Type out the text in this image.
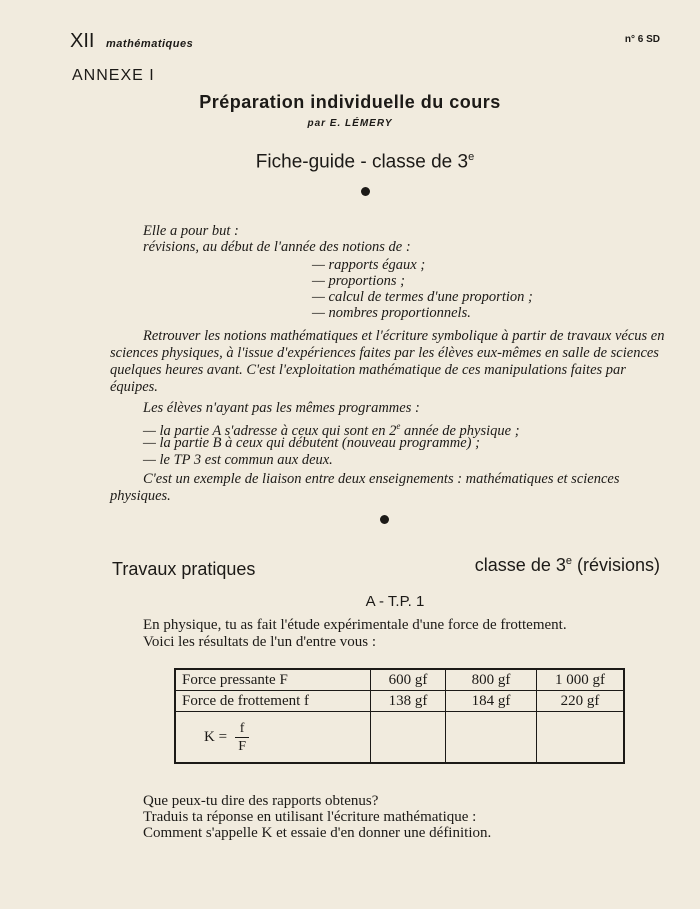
XII mathématiques	n° 6 SD
ANNEXE I
Préparation individuelle du cours
par E. LÉMERY
Fiche-guide - classe de 3e
Elle a pour but :
révisions, au début de l'année des notions de :
— rapports égaux ;
— proportions ;
— calcul de termes d'une proportion ;
— nombres proportionnels.
Retrouver les notions mathématiques et l'écriture symbolique à partir de travaux vécus en sciences physiques, à l'issue d'expériences faites par les élèves eux-mêmes en salle de sciences quelques heures avant. C'est l'exploitation mathématique de ces manipulations faites par équipes.
Les élèves n'ayant pas les mêmes programmes :
— la partie A s'adresse à ceux qui sont en 2e année de physique ;
— la partie B à ceux qui débutent (nouveau programme) ;
— le TP 3 est commun aux deux.
C'est un exemple de liaison entre deux enseignements : mathématiques et sciences physiques.
Travaux pratiques	classe de 3e (révisions)
A - T.P. 1
En physique, tu as fait l'étude expérimentale d'une force de frottement.
Voici les résultats de l'un d'entre vous :
Force pressante F	600 gf	800 gf	1 000 gf
Force de frottement f	138 gf	184 gf	220 gf
$K = \frac{f}{F}$

Que peux-tu dire des rapports obtenus?
Traduis ta réponse en utilisant l'écriture mathématique :
Comment s'appelle K et essaie d'en donner une définition.
